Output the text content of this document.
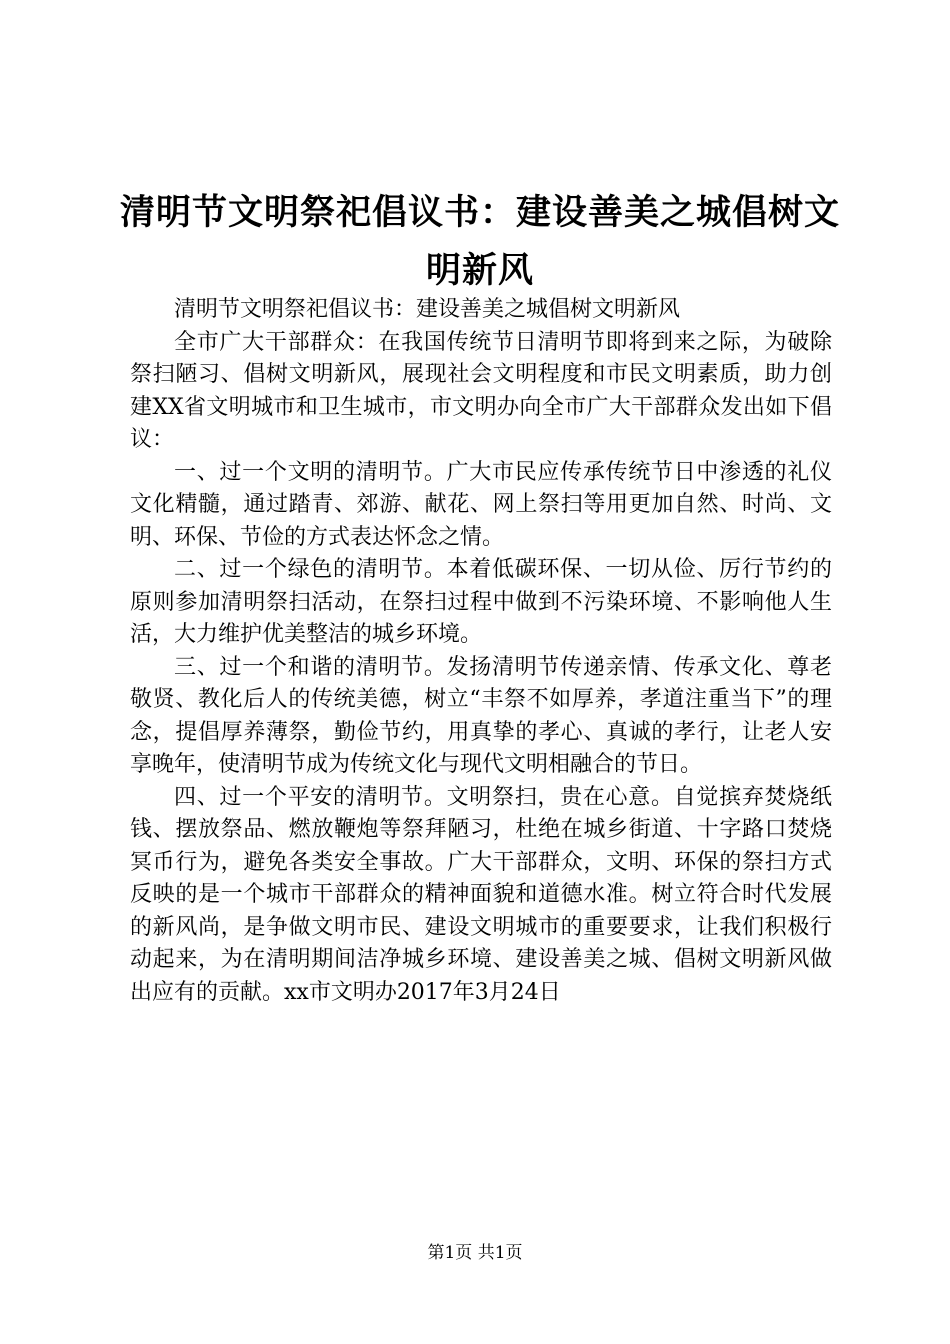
清明节文明祭祀倡议书：建设善美之城倡树文
明新风

清明节文明祭祀倡议书：建设善美之城倡树文明新风

全市广大干部群众：在我国传统节日清明节即将到来之际，为破除祭扫陋习、倡树文明新风，展现社会文明程度和市民文明素质，助力创建XX省文明城市和卫生城市，市文明办向全市广大干部群众发出如下倡议：

一、过一个文明的清明节。广大市民应传承传统节日中渗透的礼仪文化精髓，通过踏青、郊游、献花、网上祭扫等用更加自然、时尚、文明、环保、节俭的方式表达怀念之情。

二、过一个绿色的清明节。本着低碳环保、一切从俭、厉行节约的原则参加清明祭扫活动，在祭扫过程中做到不污染环境、不影响他人生活，大力维护优美整洁的城乡环境。

三、过一个和谐的清明节。发扬清明节传递亲情、传承文化、尊老敬贤、教化后人的传统美德，树立“丰祭不如厚养，孝道注重当下”的理念，提倡厚养薄祭，勤俭节约，用真挚的孝心、真诚的孝行，让老人安享晚年，使清明节成为传统文化与现代文明相融合的节日。

四、过一个平安的清明节。文明祭扫，贵在心意。自觉摈弃焚烧纸钱、摆放祭品、燃放鞭炮等祭拜陋习，杜绝在城乡街道、十字路口焚烧冥币行为，避免各类安全事故。广大干部群众，文明、环保的祭扫方式反映的是一个城市干部群众的精神面貌和道德水准。树立符合时代发展的新风尚，是争做文明市民、建设文明城市的重要要求，让我们积极行动起来，为在清明期间洁净城乡环境、建设善美之城、倡树文明新风做出应有的贡献。xx市文明办2017年3月24日

第1页 共1页
